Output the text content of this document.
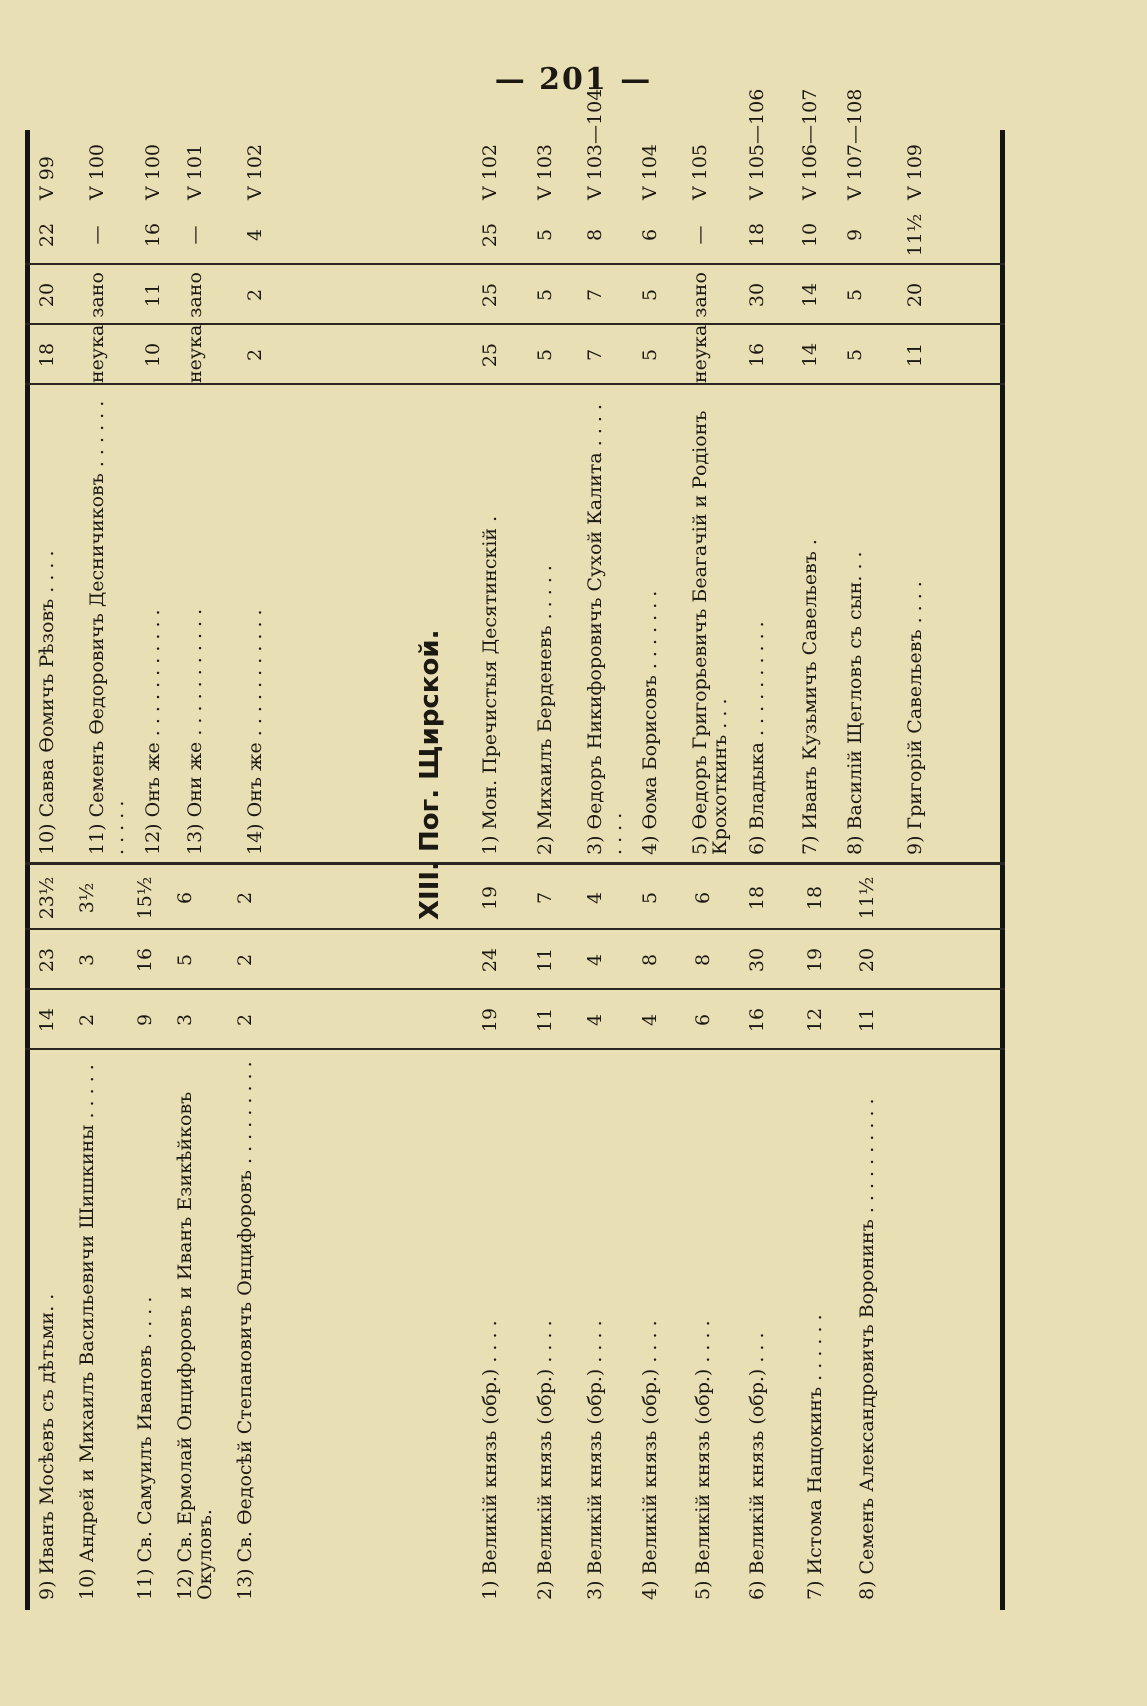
— 201 —
9) Иванъ Мосѣевъ съ дѣтьми. .
14
23
23½
10) Андрей и Михаилъ Васильевичи Шишкины . . . . .
2
3
3½
11) Св. Самуилъ Ивановъ . . . .
9
16
15½
12) Св. Ермолай Онцифоровъ и Иванъ Езикѣйковъ Окуловъ.
3
5
6
13) Св. Ѳедосѣй Степановичъ Онцифоровъ . . . . . . . . .
2
2
2
1) Великій князь (обр.) . . . .
19
24
19
2) Великій князь (обр.) . . . .
11
11
7
3) Великій князь (обр.) . . . .
4
4
4
4) Великій князь (обр.) . . . .
4
8
5
5) Великій князь (обр.) . . . .
6
8
6
6) Великій князь (обр.) . . .
16
30
18
7) Истома Нащокинъ . . . . . .
12
19
18
8) Семенъ Александровичъ Воронинъ . . . . . . . . . .
11
20
11½
10) Савва Ѳомичъ Рѣзовъ . . . .
18
20
22
V 99
11) Семенъ Ѳедоровичъ Десничиковъ . . . . . . . . . . .
неукa
зано
—
V 100
12) Онъ же . . . . . . . . . . .
10
11
16
V 100
13) Они же . . . . . . . . . . .
неукa
зано
—
V 101
14) Онъ же . . . . . . . . . . .
2
2
4
V 102
1) Мон. Пречистыя Десятинскій .
25
25
25
V 102
2) Михаилъ Берденевъ . . . . .
5
5
5
V 103
3) Ѳедоръ Никифоровичъ Сухой Калита . . . . . . . .
7
7
8
V 103—104
4) Ѳома Борисовъ . . . . . . .
5
5
6
V 104
5) Ѳедоръ Григорьевичъ Беагачій и Родіонъ Крохоткинъ . . .
неукa
зано
—
V 105
6) Владыка . . . . . . . . . .
16
30
18
V 105—106
7) Иванъ Кузьмичъ Савельевъ .
14
14
10
V 106—107
8) Василій Щегловъ съ сын. . .
5
5
9
V 107—108
9) Григорій Савельевъ . . . .
11
20
11½
V 109
XIII. Пог. Щирской.
